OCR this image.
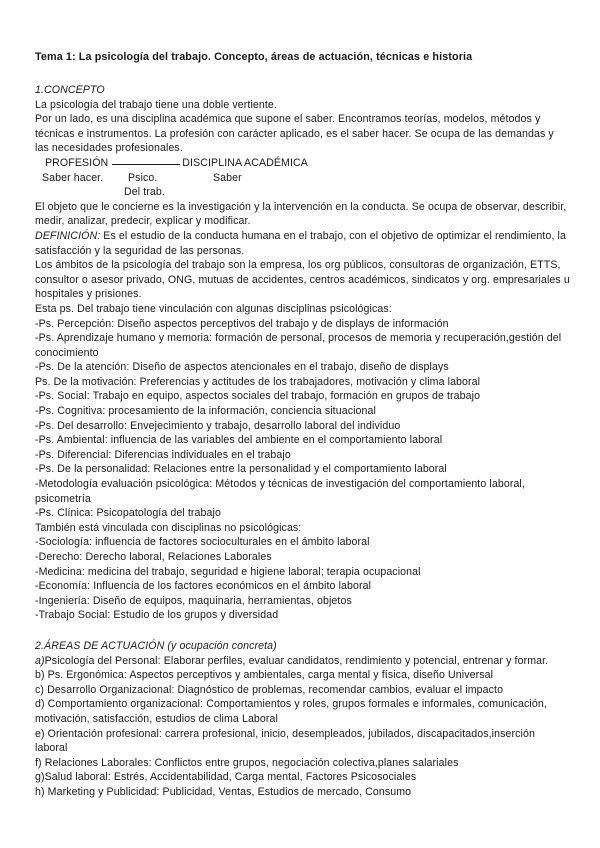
Tema 1: La psicología del trabajo. Concepto, áreas de actuación, técnicas e historia

1.CONCEPTO

La psicología del trabajo tiene una doble vertiente.

Por un lado, es una disciplina académica que supone el saber. Encontramos teorías, modelos, métodos y técnicas e instrumentos. La profesión con carácter aplicado, es el saber hacer. Se ocupa de las demandas y las necesidades profesionales.

PROFESIÓN	DISCIPLINA ACADÉMICA

Saber hacer.	Psico.	Saber

Del trab.

El objeto que le concierne es la investigación y la intervención en la conducta. Se ocupa de observar, describir, medir, analizar, predecir, explicar y modificar.

DEFINICIÓN: Es el estudio de la conducta humana en el trabajo, con el objetivo de optimizar el rendimiento, la satisfacción y la seguridad de las personas.

Los ámbitos de la psicología del trabajo son la empresa, los org públicos, consultoras de organización, ETTS, consultor o asesor privado, ONG, mutuas de accidentes, centros académicos, sindicatos y org. empresariales u hospitales y prisiones.

Esta ps. Del trabajo tiene vinculación con algunas disciplinas psicológicas:

-Ps. Percepción: Diseño aspectos perceptivos del trabajo y de displays de información
-Ps. Aprendizaje humano y memoria: formación de personal, procesos de memoria y recuperación,gestión del conocimiento
-Ps. De la atención: Diseño de aspectos atencionales en el trabajo, diseño de displays
Ps. De la motivación: Preferencias y actitudes de los trabajadores, motivación y clima laboral
-Ps. Social: Trabajo en equipo, aspectos sociales del trabajo, formación en grupos de trabajo
-Ps. Cognitiva: procesamiento de la información, conciencia situacional
-Ps. Del desarrollo: Envejecimiento y trabajo, desarrollo laboral del individuo
-Ps. Ambiental: influencia de las variables del ambiente en el comportamiento laboral
-Ps. Diferencial: Diferencias individuales en el trabajo
-Ps. De la personalidad: Relaciones entre la personalidad y el comportamiento laboral
-Metodología evaluación psicológica: Métodos y técnicas de investigación del comportamiento laboral, psicometría
-Ps. Clínica: Psicopatología del trabajo

También está vinculada con disciplinas no psicológicas:

-Sociología: influencia de factores socioculturales en el ámbito laboral
-Derecho: Derecho laboral, Relaciones Laborales
-Medicina: medicina del trabajo, seguridad e higiene laboral; terapia ocupacional
-Economía: Influencia de los factores económicos en el ámbito laboral
-Ingeniería: Diseño de equipos, maquinaria, herramientas, objetos
-Trabajo Social: Estudio de los grupos y diversidad

2.ÁREAS DE ACTUACIÓN (y ocupación concreta)

a)Psicología del Personal: Elaborar perfiles, evaluar candidatos, rendimiento y potencial, entrenar y formar.
b) Ps. Ergonómica: Aspectos perceptivos y ambientales, carga mental y física, diseño Universal
c) Desarrollo Organizacional: Diagnóstico de problemas, recomendar cambios, evaluar el impacto
d) Comportamiento organizacional: Comportamientos y roles, grupos formales e informales, comunicación, motivación, satisfacción, estudios de clima Laboral
e) Orientación profesional: carrera profesional, inicio, desempleados, jubilados, discapacitados,inserción laboral
f) Relaciones Laborales: Conflictos entre grupos, negociación colectiva,planes salariales
g)Salud laboral: Estrés, Accidentabilidad, Carga mental, Factores Psicosociales
h) Marketing y Publicidad: Publicidad, Ventas, Estudios de mercado, Consumo
